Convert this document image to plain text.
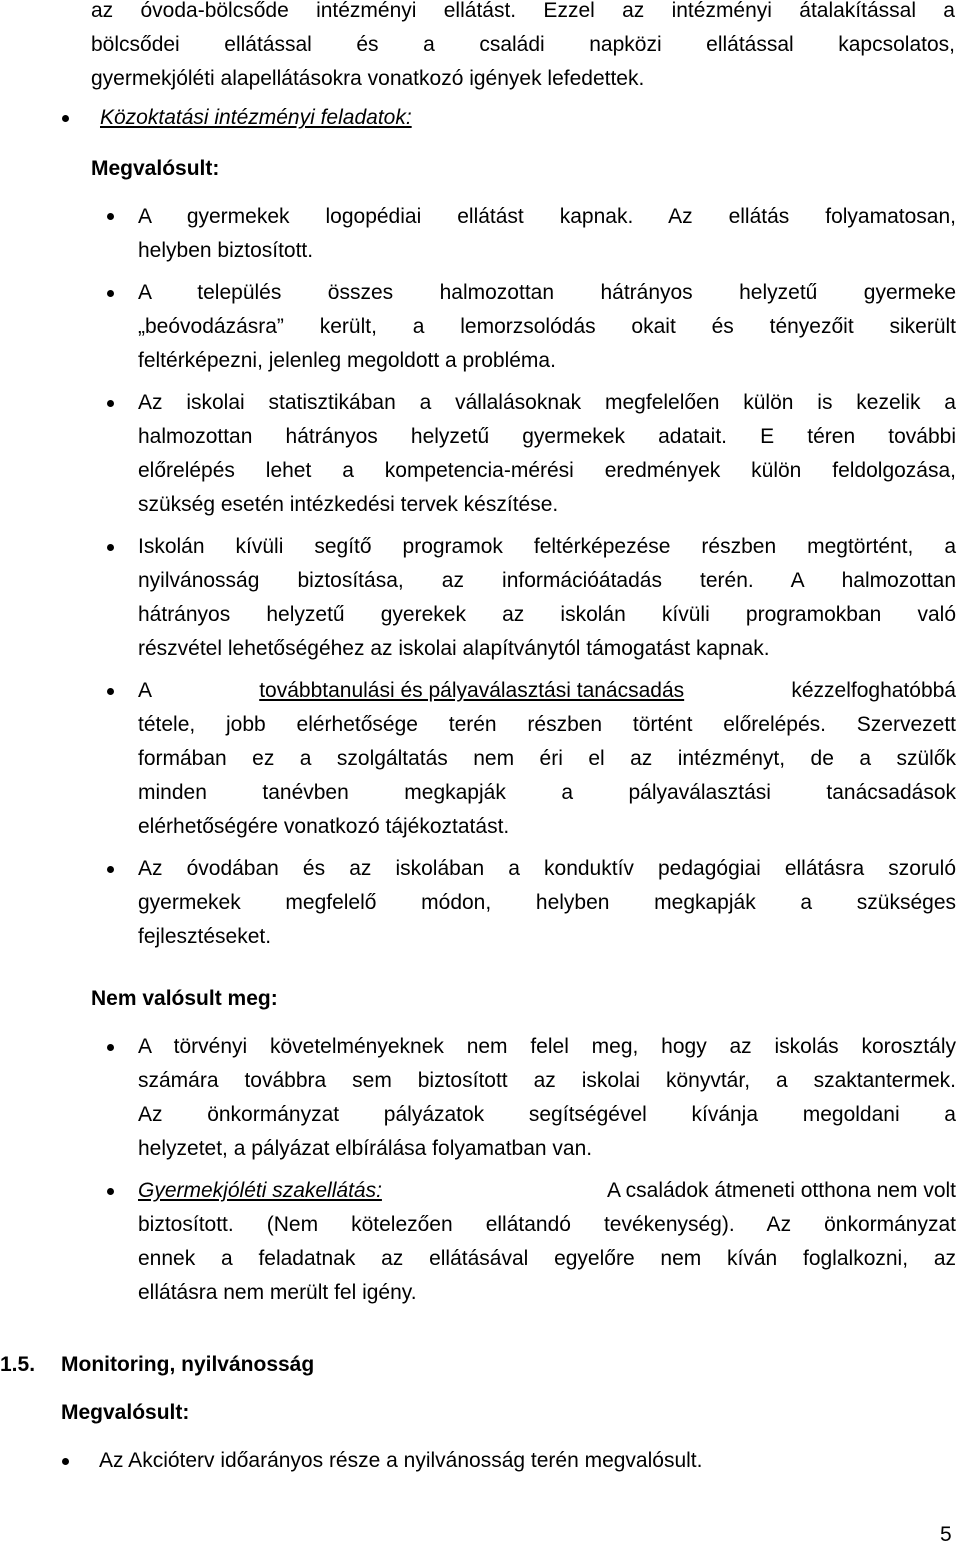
az óvoda-bölcsőde intézményi ellátást. Ezzel az intézményi átalakítással a
bölcsődei ellátással és a családi napközi ellátással kapcsolatos,
gyermekjóléti alapellátásokra vonatkozó igények lefedettek.
Közoktatási intézményi feladatok:
Megvalósult:
A gyermekek logopédiai ellátást kapnak. Az ellátás folyamatosan,
helyben biztosított.
A település összes halmozottan hátrányos helyzetű gyermeke
„beóvodázásra” került, a lemorzsolódás okait és tényezőit sikerült
feltérképezni, jelenleg megoldott a probléma.
Az iskolai statisztikában a vállalásoknak megfelelően külön is kezelik a
halmozottan hátrányos helyzetű gyermekek adatait. E téren további
előrelépés lehet a kompetencia-mérési eredmények külön feldolgozása,
szükség esetén intézkedési tervek készítése.
Iskolán kívüli segítő programok feltérképezése részben megtörtént, a
nyilvánosság biztosítása, az információátadás terén. A halmozottan
hátrányos helyzetű gyerekek az iskolán kívüli programokban való
részvétel lehetőségéhez az iskolai alapítványtól támogatást kapnak.
A	továbbtanulási és pályaválasztási tanácsadás	kézzelfoghatóbbá
tétele, jobb elérhetősége terén részben történt előrelépés. Szervezett
formában ez a szolgáltatás nem éri el az intézményt, de a szülők
minden tanévben megkapják a pályaválasztási tanácsadások
elérhetőségére vonatkozó tájékoztatást.
Az óvodában és az iskolában a konduktív pedagógiai ellátásra szoruló
gyermekek megfelelő módon, helyben megkapják a szükséges
fejlesztéseket.
Nem valósult meg:
A törvényi követelményeknek nem felel meg, hogy az iskolás korosztály
számára továbbra sem biztosított az iskolai könyvtár, a szaktantermek.
Az önkormányzat pályázatok segítségével kívánja megoldani a
helyzetet, a pályázat elbírálása folyamatban van.
Gyermekjóléti szakellátás:	A családok átmeneti otthona nem volt
biztosított. (Nem kötelezően ellátandó tevékenység). Az önkormányzat
ennek a feladatnak az ellátásával egyelőre nem kíván foglalkozni, az
ellátásra nem merült fel igény.
1.5. Monitoring, nyilvánosság
Megvalósult:
Az Akcióterv időarányos része a nyilvánosság terén megvalósult.
5
